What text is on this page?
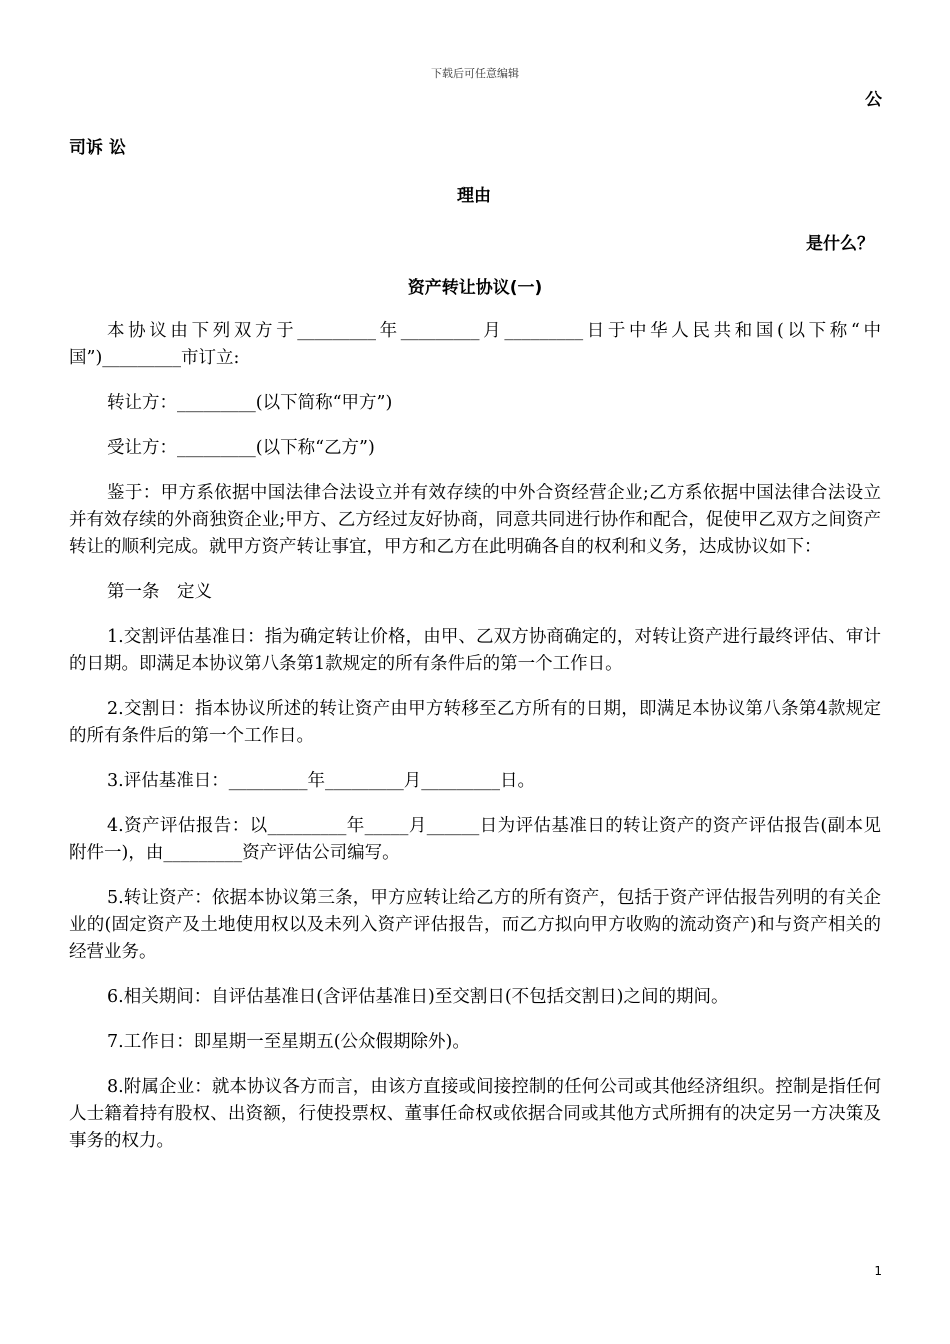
下载后可任意编辑
公
司诉 讼
理由
是什么？
资产转让协议(一)

本协议由下列双方于_________年_________月_________日于中华人民共和国(以下称“中国”)_________市订立:

转让方：_________(以下简称“甲方”)

受让方：_________(以下称“乙方”)

鉴于：甲方系依据中国法律合法设立并有效存续的中外合资经营企业;乙方系依据中国法律合法设立并有效存续的外商独资企业;甲方、乙方经过友好协商，同意共同进行协作和配合，促使甲乙双方之间资产转让的顺利完成。就甲方资产转让事宜，甲方和乙方在此明确各自的权利和义务，达成协议如下：

第一条　定义

1.交割评估基准日：指为确定转让价格，由甲、乙双方协商确定的，对转让资产进行最终评估、审计的日期。即满足本协议第八条第1款规定的所有条件后的第一个工作日。

2.交割日：指本协议所述的转让资产由甲方转移至乙方所有的日期，即满足本协议第八条第4款规定的所有条件后的第一个工作日。

3.评估基准日：_________年_________月_________日。

4.资产评估报告：以_________年_____月______日为评估基准日的转让资产的资产评估报告(副本见附件一)，由_________资产评估公司编写。

5.转让资产：依据本协议第三条，甲方应转让给乙方的所有资产，包括于资产评估报告列明的有关企业的(固定资产及土地使用权以及未列入资产评估报告，而乙方拟向甲方收购的流动资产)和与资产相关的经营业务。

6.相关期间：自评估基准日(含评估基准日)至交割日(不包括交割日)之间的期间。

7.工作日：即星期一至星期五(公众假期除外)。

8.附属企业：就本协议各方而言，由该方直接或间接控制的任何公司或其他经济组织。控制是指任何人士籍着持有股权、出资额，行使投票权、董事任命权或依据合同或其他方式所拥有的决定另一方决策及事务的权力。

1
